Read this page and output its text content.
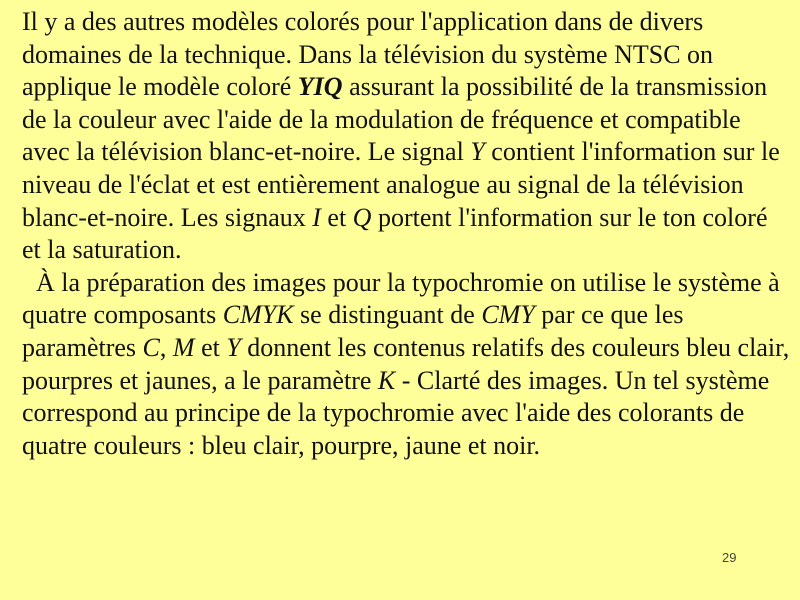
Il y a des autres modèles colorés pour l'application dans de divers domaines de la technique. Dans la télévision du système NTSC on applique le modèle coloré YIQ assurant la possibilité de la transmission de la couleur avec l'aide de la modulation de fréquence et compatible avec la télévision blanc-et-noire. Le signal Y contient l'information sur le niveau de l'éclat et est entièrement analogue au signal de la télévision blanc-et-noire. Les signaux I et Q portent l'information sur le ton coloré et la saturation.

À la préparation des images pour la typochromie on utilise le système à quatre composants CMYK se distinguant de CMY par ce que les paramètres C, M et Y donnent les contenus relatifs des couleurs bleu clair, pourpres et jaunes, a le paramètre K - Clarté des images. Un tel système correspond au principe de la typochromie avec l'aide des colorants de quatre couleurs : bleu clair, pourpre, jaune et noir.

29
